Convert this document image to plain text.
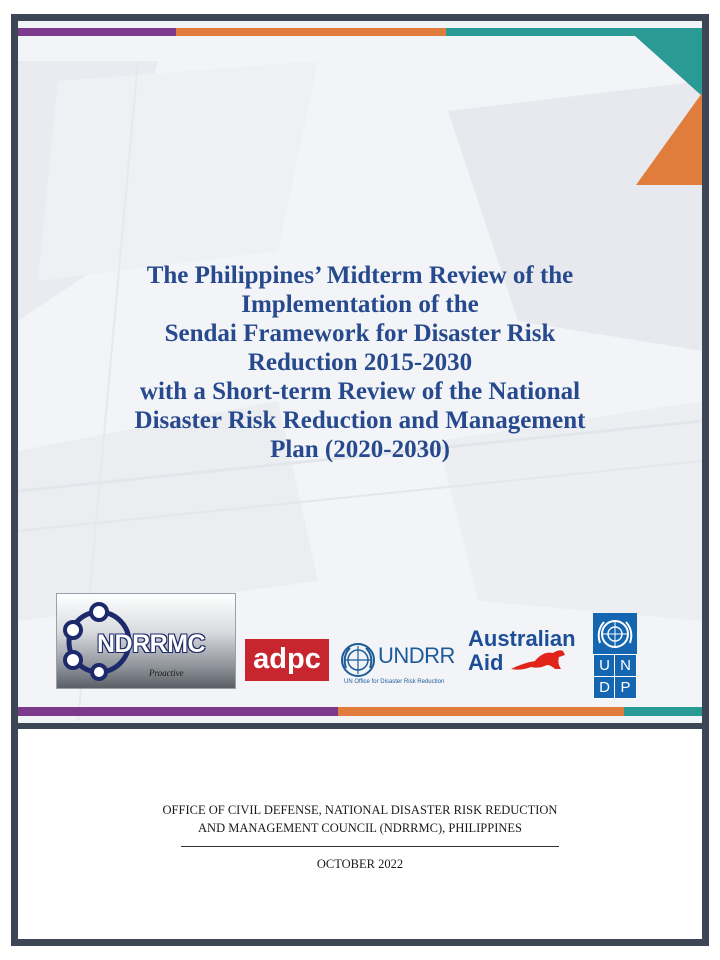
The Philippines’ Midterm Review of the
Implementation of the
Sendai Framework for Disaster Risk
Reduction 2015-2030
with a Short-term Review of the National
Disaster Risk Reduction and Management
Plan (2020-2030)
NDRRMC
Proactive adpc	UNDRR
UN Office for Disaster Risk Reduction
Australian
Aid	U N
D P

OFFICE OF CIVIL DEFENSE, NATIONAL DISASTER RISK REDUCTION
AND MANAGEMENT COUNCIL (NDRRMC), PHILIPPINES

OCTOBER 2022
